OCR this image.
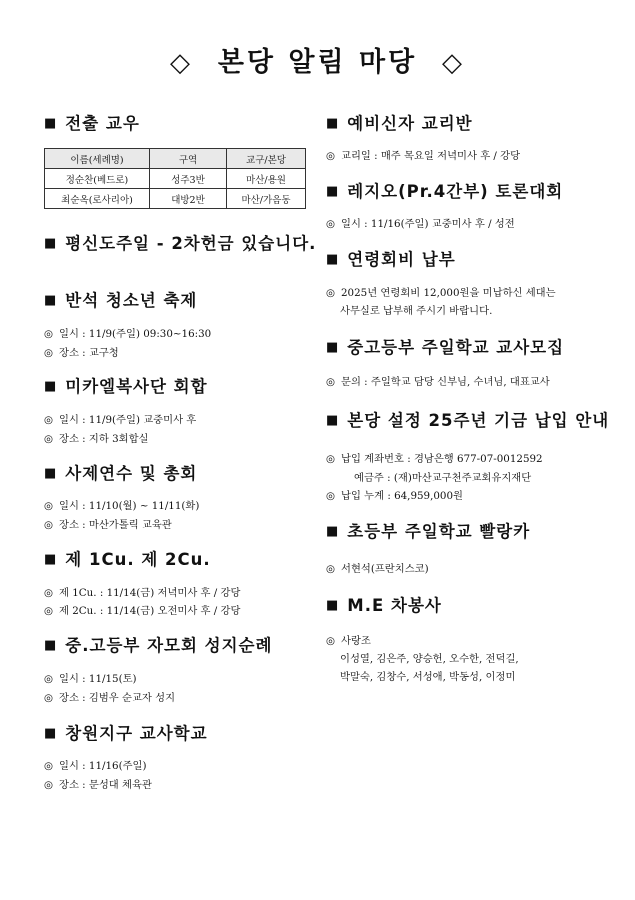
◇ 본당 알림 마당 ◇
■ 전출 교우
이름(세례명)	구역	교구/본당
정순찬(베드로)	성주3반	마산/용원
최순옥(로사리아)	대방2반	마산/가음동
■ 평신도주일 - 2차헌금 있습니다.
■ 반석 청소년 축제
◎ 일시 : 11/9(주일) 09:30~16:30
◎ 장소 : 교구청
■ 미카엘복사단 회합
◎ 일시 : 11/9(주일) 교중미사 후
◎ 장소 : 지하 3회합실
■ 사제연수 및 총회
◎ 일시 : 11/10(월) ~ 11/11(화)
◎ 장소 : 마산가톨릭 교육관
■ 제 1Cu. 제 2Cu.
◎ 제 1Cu. : 11/14(금) 저녁미사 후 / 강당
◎ 제 2Cu. : 11/14(금) 오전미사 후 / 강당
■ 중.고등부 자모회 성지순례
◎ 일시 : 11/15(토)
◎ 장소 : 김범우 순교자 성지
■ 창원지구 교사학교
◎ 일시 : 11/16(주일)
◎ 장소 : 문성대 체육관
■ 예비신자 교리반
◎ 교리일 : 매주 목요일 저녁미사 후 / 강당
■ 레지오(Pr.4간부) 토론대회
◎ 일시 : 11/16(주일) 교중미사 후 / 성전
■ 연령회비 납부
◎ 2025년 연령회비 12,000원을 미납하신 세대는
사무실로 납부해 주시기 바랍니다.
■ 중고등부 주일학교 교사모집
◎ 문의 : 주일학교 담당 신부님, 수녀님, 대표교사
■ 본당 설정 25주년 기금 납입 안내
◎ 납입 계좌번호 : 경남은행 677-07-0012592
예금주 : (재)마산교구천주교회유지재단
◎ 납입 누계 : 64,959,000원
■ 초등부 주일학교 빨랑카
◎ 서현석(프란치스코)
■ M.E 차봉사
◎ 사랑조
이성열, 김은주, 양승헌, 오수한, 전덕길,
박말숙, 김창수, 서성애, 박동성, 이정미
